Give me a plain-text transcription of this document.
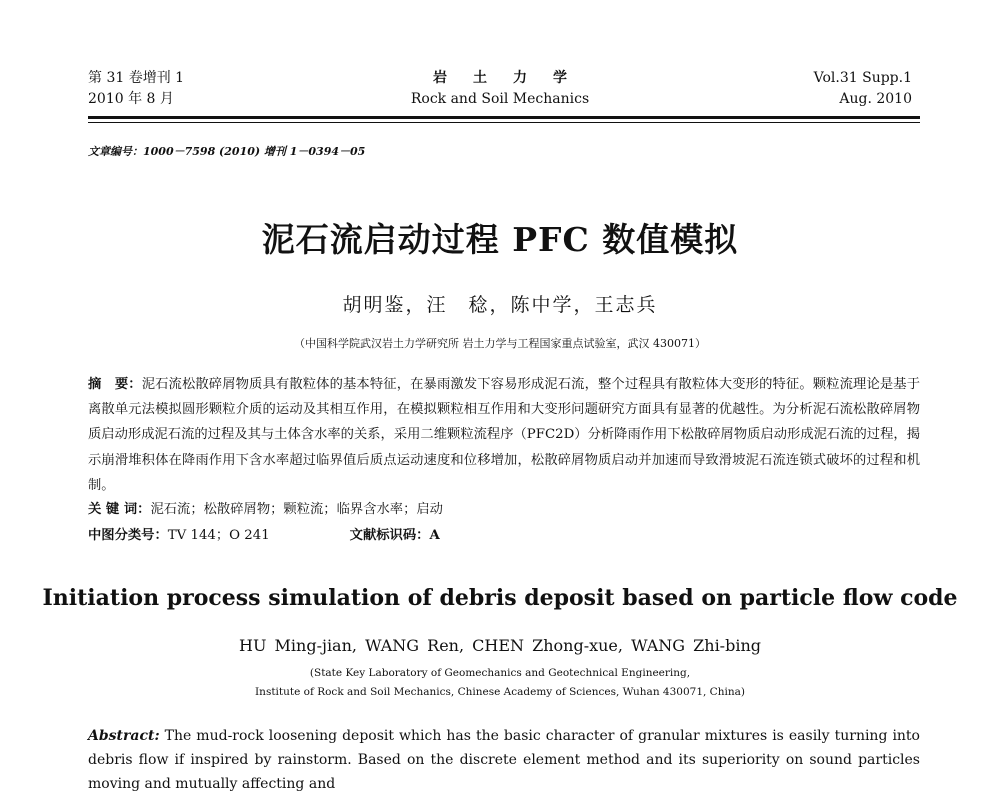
第 31 卷增刊 1
2010 年 8 月
岩土力学
Rock and Soil Mechanics
Vol.31 Supp.1
Aug. 2010
文章编号：1000－7598 (2010) 增刊 1－0394－05
泥石流启动过程 PFC 数值模拟
胡明鉴，汪　稔，陈中学，王志兵
（中国科学院武汉岩土力学研究所 岩土力学与工程国家重点试验室，武汉 430071）
摘　要：泥石流松散碎屑物质具有散粒体的基本特征，在暴雨激发下容易形成泥石流，整个过程具有散粒体大变形的特征。颗粒流理论是基于离散单元法模拟圆形颗粒介质的运动及其相互作用，在模拟颗粒相互作用和大变形问题研究方面具有显著的优越性。为分析泥石流松散碎屑物质启动形成泥石流的过程及其与土体含水率的关系，采用二维颗粒流程序（PFC2D）分析降雨作用下松散碎屑物质启动形成泥石流的过程，揭示崩滑堆积体在降雨作用下含水率超过临界值后质点运动速度和位移增加，松散碎屑物质启动并加速而导致滑坡泥石流连锁式破坏的过程和机制。
关 键 词：泥石流；松散碎屑物；颗粒流；临界含水率；启动
中图分类号：TV 144；O 241	文献标识码：A
Initiation process simulation of debris deposit based on particle flow code
HU Ming-jian, WANG Ren, CHEN Zhong-xue, WANG Zhi-bing
(State Key Laboratory of Geomechanics and Geotechnical Engineering,
Institute of Rock and Soil Mechanics, Chinese Academy of Sciences, Wuhan 430071, China)
Abstract: The mud-rock loosening deposit which has the basic character of granular mixtures is easily turning into debris flow if inspired by rainstorm. Based on the discrete element method and its superiority on sound particles moving and mutually affecting and
